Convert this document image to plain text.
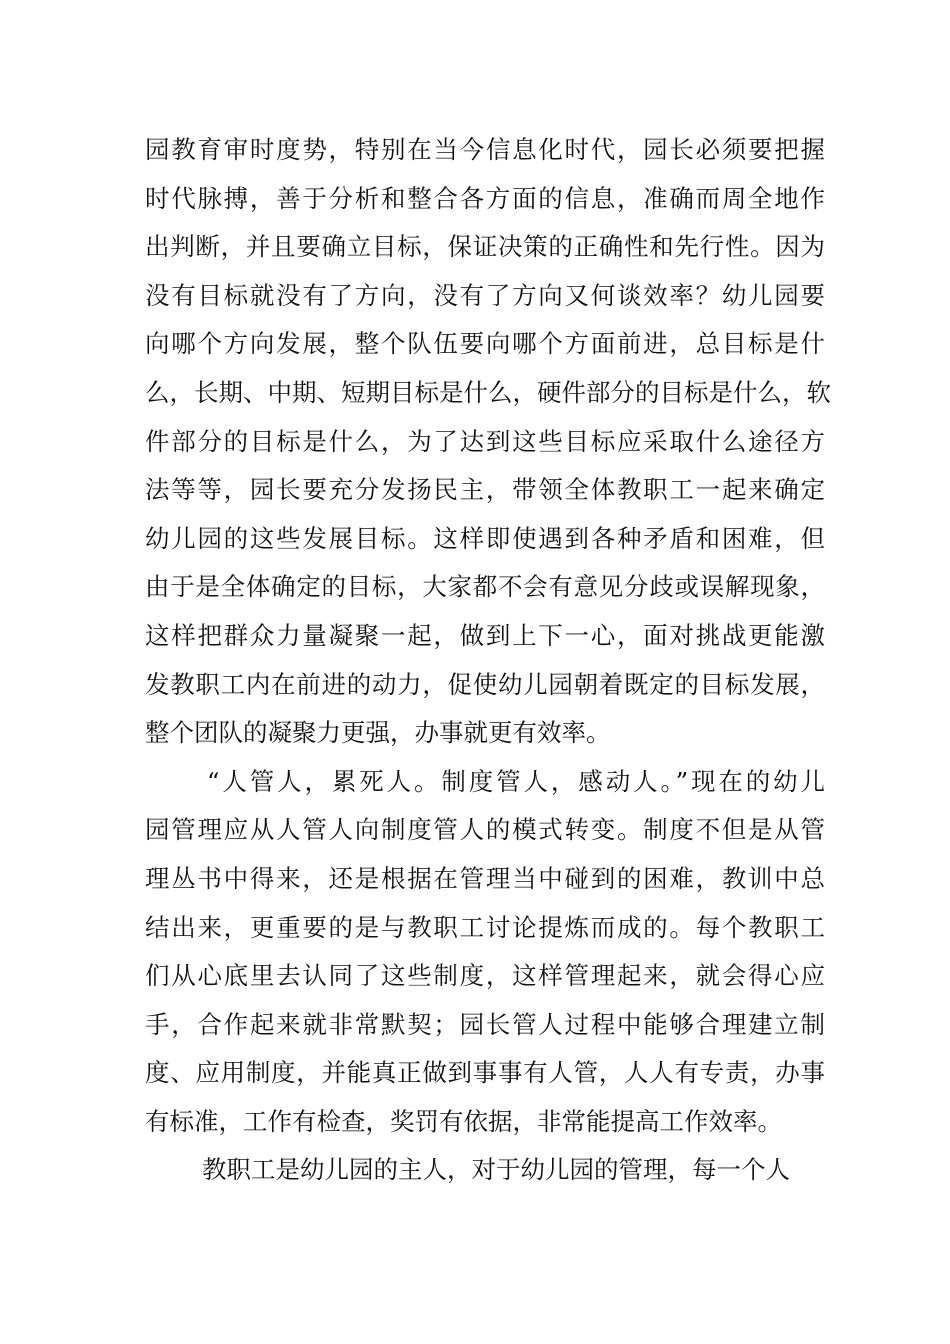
园教育审时度势，特别在当今信息化时代，园长必须要把握
时代脉搏，善于分析和整合各方面的信息，准确而周全地作
出判断，并且要确立目标，保证决策的正确性和先行性。因为
没有目标就没有了方向，没有了方向又何谈效率？幼儿园要
向哪个方向发展，整个队伍要向哪个方面前进，总目标是什
么，长期、中期、短期目标是什么，硬件部分的目标是什么，软
件部分的目标是什么，为了达到这些目标应采取什么途径方
法等等，园长要充分发扬民主，带领全体教职工一起来确定
幼儿园的这些发展目标。这样即使遇到各种矛盾和困难，但
由于是全体确定的目标，大家都不会有意见分歧或误解现象，
这样把群众力量凝聚一起，做到上下一心，面对挑战更能激
发教职工内在前进的动力，促使幼儿园朝着既定的目标发展，
整个团队的凝聚力更强，办事就更有效率。
“人管人，累死人。制度管人，感动人。”现在的幼儿
园管理应从人管人向制度管人的模式转变。制度不但是从管
理丛书中得来，还是根据在管理当中碰到的困难，教训中总
结出来，更重要的是与教职工讨论提炼而成的。每个教职工
们从心底里去认同了这些制度，这样管理起来，就会得心应
手，合作起来就非常默契；园长管人过程中能够合理建立制
度、应用制度，并能真正做到事事有人管，人人有专责，办事
有标准，工作有检查，奖罚有依据，非常能提高工作效率。
教职工是幼儿园的主人，对于幼儿园的管理，每一个人
